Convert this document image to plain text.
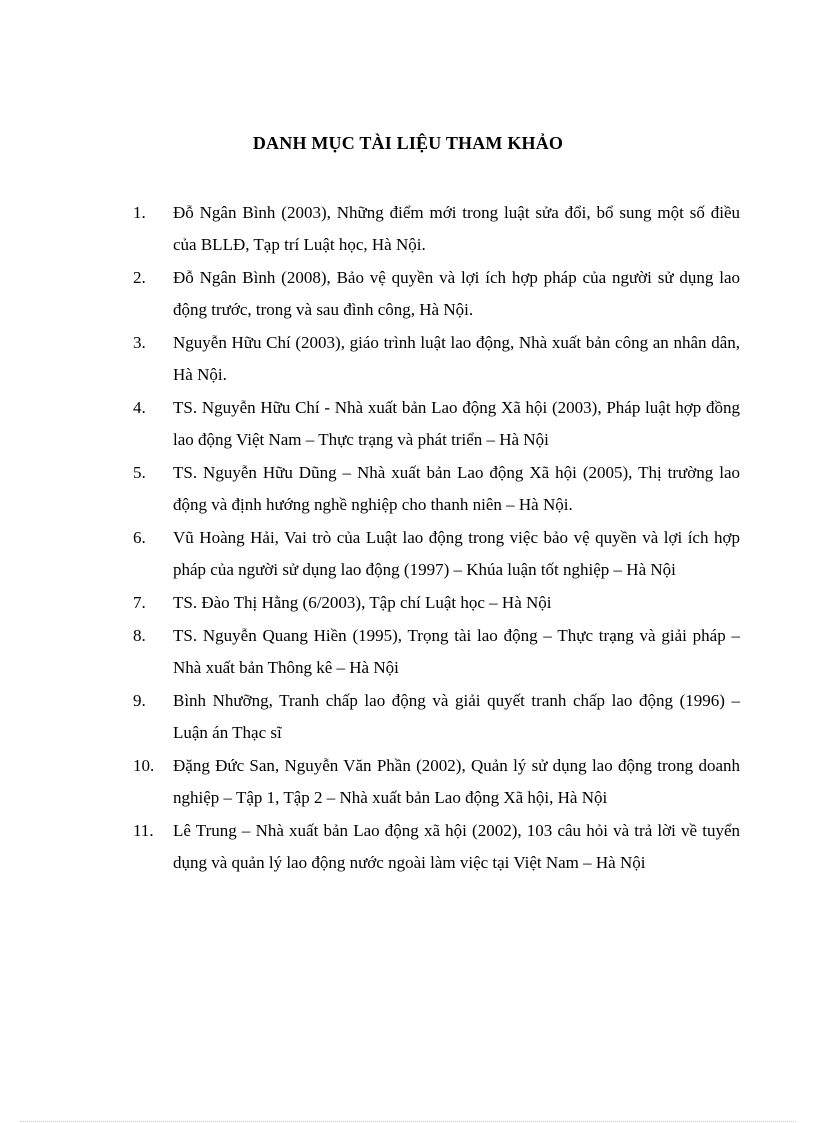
DANH MỤC TÀI LIỆU THAM KHẢO
1.	Đỗ Ngân Bình (2003), Những điểm mới trong luật sửa đổi, bổ sung một số điều của BLLĐ, Tạp trí Luật học, Hà Nội.
2.	Đỗ Ngân Bình (2008), Bảo vệ quyền và lợi ích hợp pháp của người sử dụng lao động trước, trong và sau đình công, Hà Nội.
3.	Nguyễn Hữu Chí (2003), giáo trình luật lao động, Nhà xuất bản công an nhân dân, Hà Nội.
4.	TS. Nguyễn Hữu Chí - Nhà xuất bản Lao động Xã hội (2003), Pháp luật hợp đồng lao động Việt Nam – Thực trạng và phát triển – Hà Nội
5.	TS. Nguyễn Hữu Dũng – Nhà xuất bản Lao động Xã hội (2005), Thị trường lao động và định hướng nghề nghiệp cho thanh niên – Hà Nội.
6.	Vũ Hoàng Hải, Vai trò của Luật lao động trong việc bảo vệ quyền và lợi ích hợp pháp của người sử dụng lao động (1997) – Khúa luận tốt nghiệp – Hà Nội
7.	TS. Đào Thị Hằng (6/2003), Tập chí Luật học – Hà Nội
8.	TS. Nguyễn Quang Hiền (1995), Trọng tài lao động – Thực trạng và giải pháp – Nhà xuất bản Thông kê – Hà Nội
9.	Bình Nhưỡng, Tranh chấp lao động và giải quyết tranh chấp lao động (1996) – Luận án Thạc sĩ
10.	Đặng Đức San, Nguyễn Văn Phần (2002), Quản lý sử dụng lao động trong doanh nghiệp – Tập 1, Tập 2 – Nhà xuất bản Lao động Xã hội, Hà Nội
11.	Lê Trung – Nhà xuất bản Lao động xã hội (2002), 103 câu hỏi và trả lời về tuyển dụng và quản lý lao động nước ngoài làm việc tại Việt Nam – Hà Nội
